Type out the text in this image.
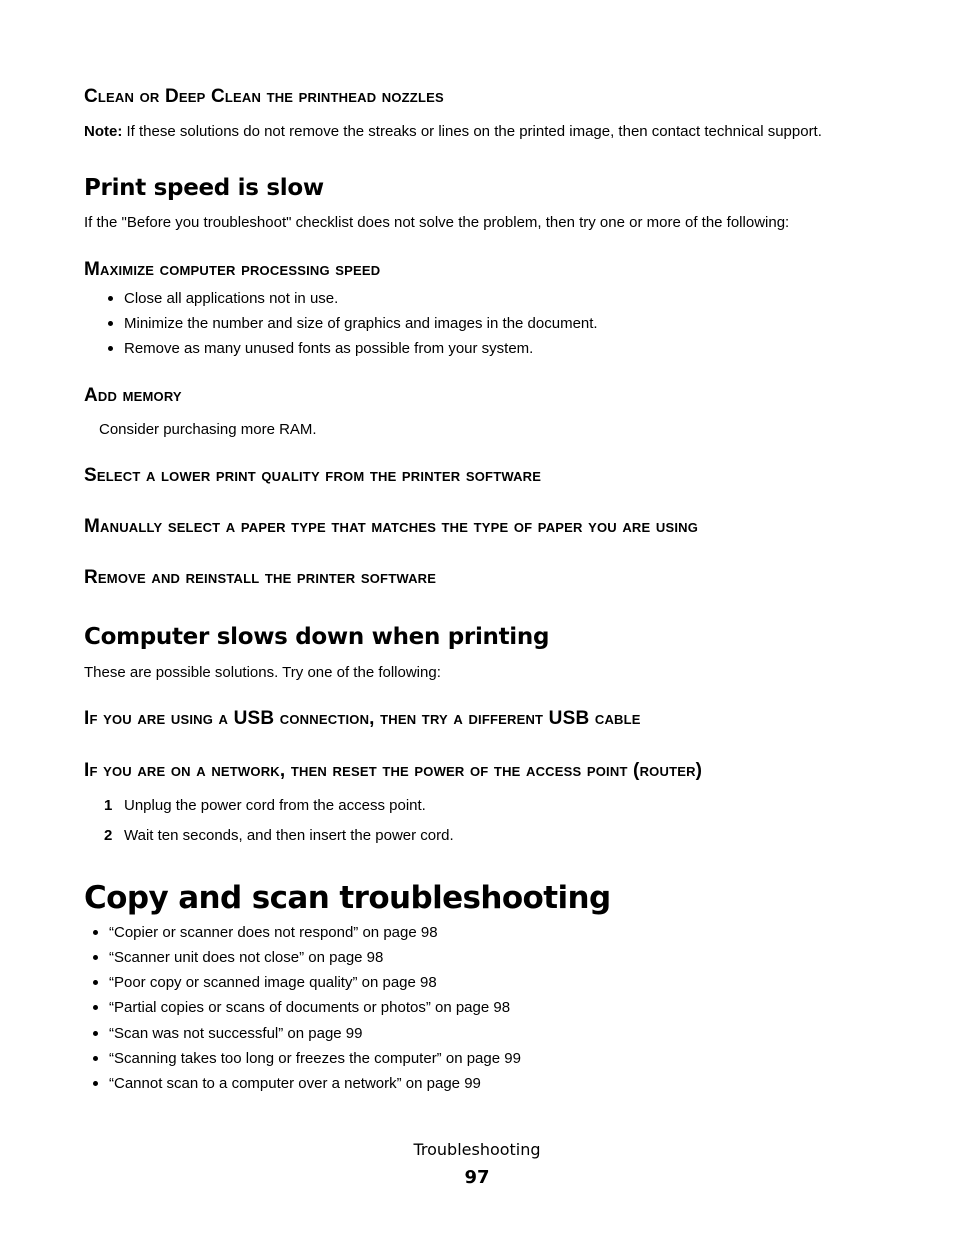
Clean or Deep Clean the printhead nozzles
Note: If these solutions do not remove the streaks or lines on the printed image, then contact technical support.
Print speed is slow
If the "Before you troubleshoot" checklist does not solve the problem, then try one or more of the following:
Maximize computer processing speed
Close all applications not in use.
Minimize the number and size of graphics and images in the document.
Remove as many unused fonts as possible from your system.
Add memory
Consider purchasing more RAM.
Select a lower print quality from the printer software
Manually select a paper type that matches the type of paper you are using
Remove and reinstall the printer software
Computer slows down when printing
These are possible solutions. Try one of the following:
If you are using a USB connection, then try a different USB cable
If you are on a network, then reset the power of the access point (router)
1 Unplug the power cord from the access point.
2 Wait ten seconds, and then insert the power cord.
Copy and scan troubleshooting
“Copier or scanner does not respond” on page 98
“Scanner unit does not close” on page 98
“Poor copy or scanned image quality” on page 98
“Partial copies or scans of documents or photos” on page 98
“Scan was not successful” on page 99
“Scanning takes too long or freezes the computer” on page 99
“Cannot scan to a computer over a network” on page 99
Troubleshooting
97
